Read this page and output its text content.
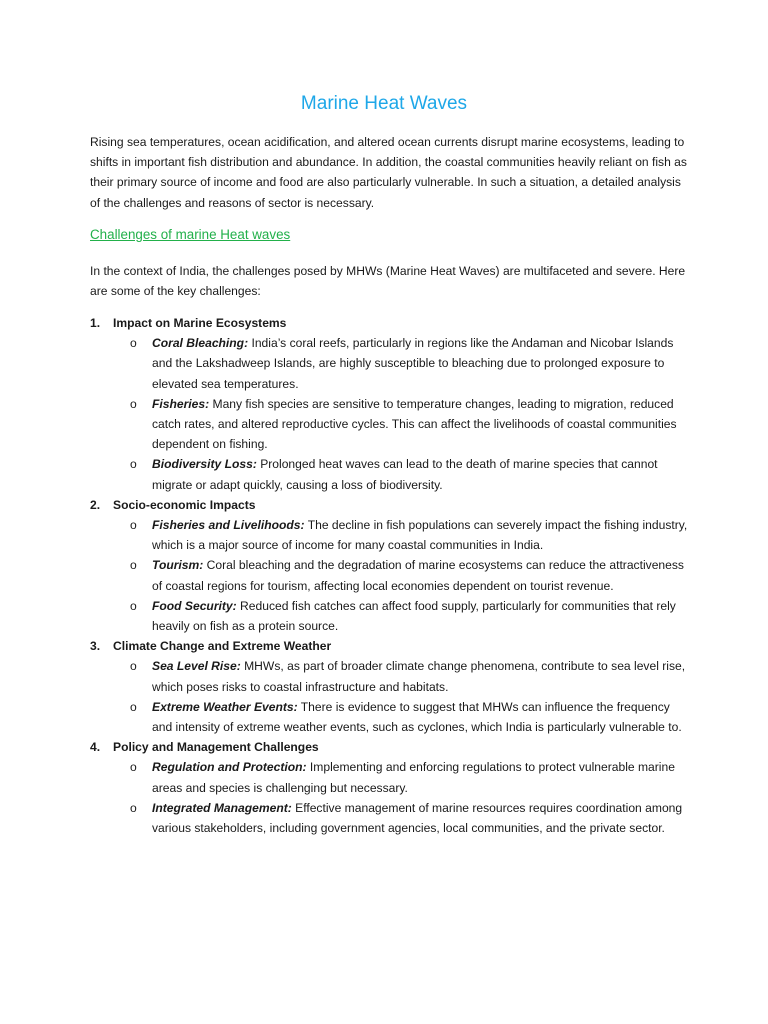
Marine Heat Waves

Rising sea temperatures, ocean acidification, and altered ocean currents disrupt marine ecosystems, leading to shifts in important fish distribution and abundance. In addition, the coastal communities heavily reliant on fish as their primary source of income and food are also particularly vulnerable. In such a situation, a detailed analysis of the challenges and reasons of sector is necessary.

Challenges of marine Heat waves

In the context of India, the challenges posed by MHWs (Marine Heat Waves) are multifaceted and severe. Here are some of the key challenges:

1.	Impact on Marine Ecosystems
o	Coral Bleaching: India’s coral reefs, particularly in regions like the Andaman and Nicobar Islands and the Lakshadweep Islands, are highly susceptible to bleaching due to prolonged exposure to elevated sea temperatures.
o	Fisheries: Many fish species are sensitive to temperature changes, leading to migration, reduced catch rates, and altered reproductive cycles. This can affect the livelihoods of coastal communities dependent on fishing.
o	Biodiversity Loss: Prolonged heat waves can lead to the death of marine species that cannot migrate or adapt quickly, causing a loss of biodiversity.
2.	Socio-economic Impacts
o	Fisheries and Livelihoods: The decline in fish populations can severely impact the fishing industry, which is a major source of income for many coastal communities in India.
o	Tourism: Coral bleaching and the degradation of marine ecosystems can reduce the attractiveness of coastal regions for tourism, affecting local economies dependent on tourist revenue.
o	Food Security: Reduced fish catches can affect food supply, particularly for communities that rely heavily on fish as a protein source.
3.	Climate Change and Extreme Weather
o	Sea Level Rise: MHWs, as part of broader climate change phenomena, contribute to sea level rise, which poses risks to coastal infrastructure and habitats.
o	Extreme Weather Events: There is evidence to suggest that MHWs can influence the frequency and intensity of extreme weather events, such as cyclones, which India is particularly vulnerable to.
4.	Policy and Management Challenges
o	Regulation and Protection: Implementing and enforcing regulations to protect vulnerable marine areas and species is challenging but necessary.
o	Integrated Management: Effective management of marine resources requires coordination among various stakeholders, including government agencies, local communities, and the private sector.
